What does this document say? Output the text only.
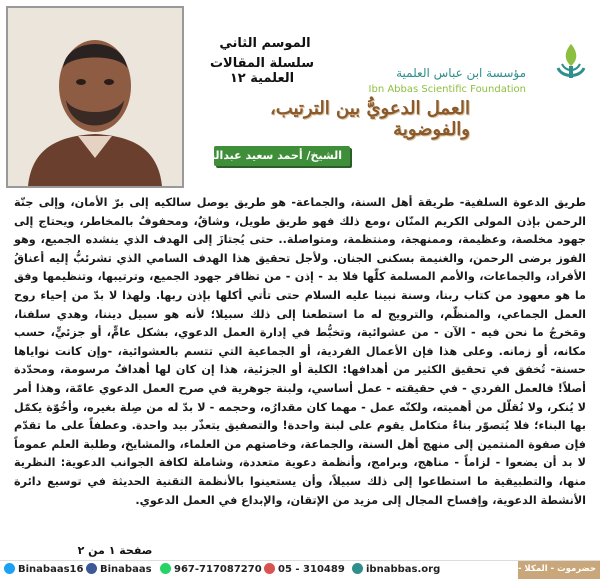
مؤسسة ابن عباس العلمية
Ibn Abbas Scientific Foundation
الموسم الثاني
سلسلة المقالات العلمية ١٢
العمل الدعويُّ بين الترتيب، والفوضوية
الشيخ/ أحمد سعيد عبدالسيد

طريق الدعوة السلفية- طريقة أهل السنة، والجماعة- هو طريق يوصل سالكيه إلى برّ الأمان، وإلى جنّة الرحمن بإذن المولى الكريم المنّان ،ومع ذلك فهو طريق طويل، وشاقٌ، ومحفوفٌ بالمخاطر، ويحتاج إلى جهود مخلصة، وعظيمة، وممنهجة، ومنتظمة، ومتواصلة.. حتى يُجتازَ إلى الهدف الذي ينشده الجميع، وهو الفوز برضى الرحمن، والغنيمة بسكنى الجنان. ولأجل تحقيق هذا الهدف السامي الذي تشرئبُّ إليه أعناقُ الأفراد، والجماعات، والأمم المسلمة كلّها فلا بد - إذن - من تظافر جهود الجميع، وترتيبها، وتنظيمها وفق ما هو معهود من كتاب ربنا، وسنة نبينا عليه السلام حتى تأتي أكلها بإذن ربها. ولهذا لا بدّ من إحياء روح العمل الجماعي، والمنظّم، والترويج له ما استطعنا إلى ذلك سبيلا؛ لأنه هو سبيل ديننا، وهدي سلفنا، ومَخرجُ ما نحن فيه - الآن - من عشوائية، وتخبُّط في إدارة العمل الدعوي، بشكل عامٍّ، أو جزئيٍّ، حسب مكانه، أو زمانه. وعلى هذا فإن الأعمال الفردية، أو الجماعية التي تتسم بالعشوائية، -وإن كانت نواياها حسنة- تُخفق في تحقيق الكثير من أهدافها: الكلية أو الجزئية، هذا إن كان لها أهدافٌ مرسومة، ومحدّدة أصلاً! فالعمل الفردي - في حقيقته - عمل أساسي، ولبنة جوهرية في صرح العمل الدعوي عامّة، وهذا أمر لا يُنكر، ولا نُقلّل من أهميته، ولكنّه عمل - مهما كان مقدارُه، وحجمه - لا بدّ له من صِلة بغيره، وأخُوّة يكمّل بها البناء؛ فلا يُتصوّر بناءٌ متكامل يقوم على لبنة واحدة! والتصفيق يتعذّر بيد واحدة. وعطفاً على ما تقدّم فإن صفوة المنتمين إلى منهج أهل السنة، والجماعة، وخاصتهم من العلماء، والمشايخ، وطلبة العلم عموماً لا بد أن يضعوا - لزاماً - مناهج، وبرامج، وأنظمة دعوية متعددة، وشاملة لكافة الجوانب الدعوية: النظرية منها، والتطبيقية ما استطاعوا إلى ذلك سبيلاً، وأن يستعينوا بالأنظمة التقنية الحديثة في توسيع دائرة الأنشطة الدعوية، وإفساح المجال إلى مزيد من الإتقان، والإبداع في العمل الدعوي.

صفحة ١ من ٢
Binabaas16	Binabaas	967-717087270	05 - 310489	ibnabbas.org	حضرموت - المكلا - باجعمان
